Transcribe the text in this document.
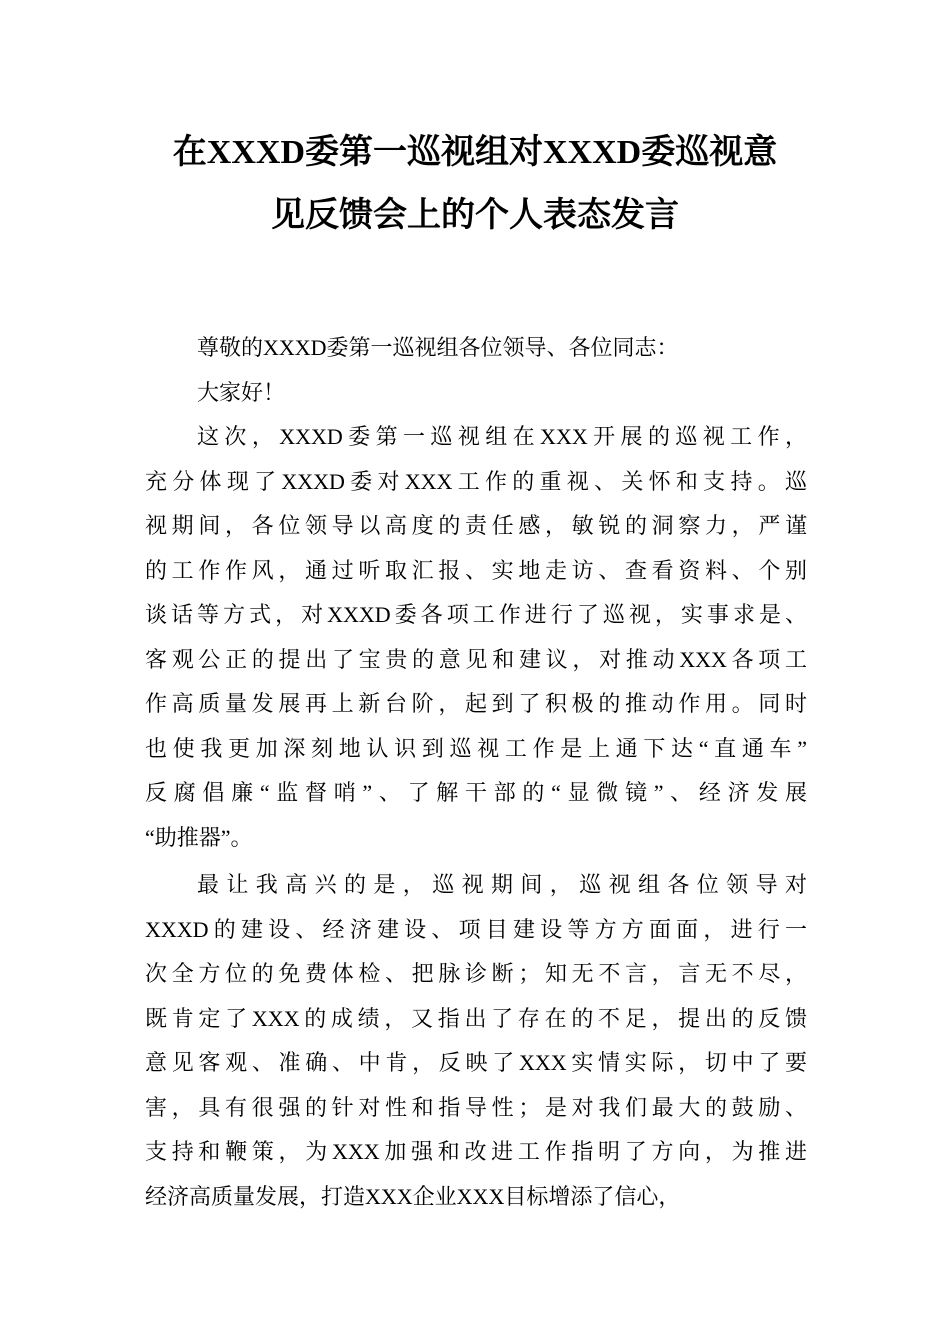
在XXXD委第一巡视组对XXXD委巡视意
见反馈会上的个人表态发言
尊敬的XXXD委第一巡视组各位领导、各位同志：
大家好！
这次，XXXD委第一巡视组在XXX开展的巡视工作，
充分体现了XXXD委对XXX工作的重视、关怀和支持。巡
视期间，各位领导以高度的责任感，敏锐的洞察力，严谨
的工作作风，通过听取汇报、实地走访、查看资料、个别
谈话等方式，对XXXD委各项工作进行了巡视，实事求是、
客观公正的提出了宝贵的意见和建议，对推动XXX各项工
作高质量发展再上新台阶，起到了积极的推动作用。同时
也使我更加深刻地认识到巡视工作是上通下达“直通车”
反腐倡廉“监督哨”、了解干部的“显微镜”、经济发展
“助推器”。
最让我高兴的是，巡视期间，巡视组各位领导对
XXXD的建设、经济建设、项目建设等方方面面，进行一
次全方位的免费体检、把脉诊断；知无不言，言无不尽，
既肯定了XXX的成绩，又指出了存在的不足，提出的反馈
意见客观、准确、中肯，反映了XXX实情实际，切中了要
害，具有很强的针对性和指导性；是对我们最大的鼓励、
支持和鞭策，为XXX加强和改进工作指明了方向，为推进
经济高质量发展，打造XXX企业XXX目标增添了信心，
